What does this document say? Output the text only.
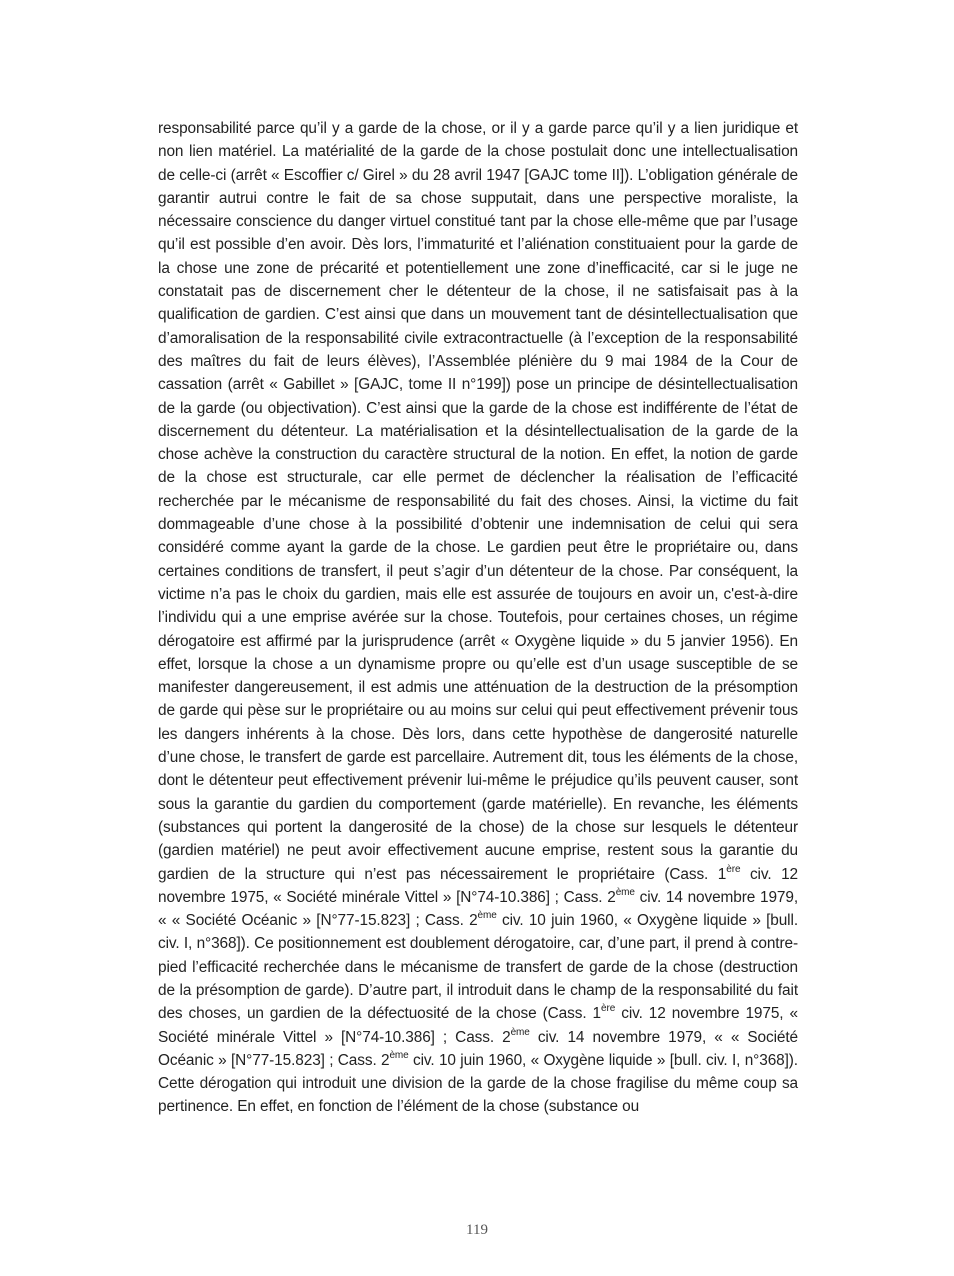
responsabilité parce qu’il y a garde de la chose, or il y a garde parce qu’il y a lien juridique et non lien matériel. La matérialité de la garde de la chose postulait donc une intellectualisation de celle-ci (arrêt « Escoffier c/ Girel » du 28 avril 1947 [GAJC tome II]). L’obligation générale de garantir autrui contre le fait de sa chose supputait, dans une perspective moraliste, la nécessaire conscience du danger virtuel constitué tant par la chose elle-même que par l’usage qu’il est possible d’en avoir. Dès lors, l’immaturité et l’aliénation constituaient pour la garde de la chose une zone de précarité et potentiellement une zone d’inefficacité, car si le juge ne constatait pas de discernement cher le détenteur de la chose, il ne satisfaisait pas à la qualification de gardien. C’est ainsi que dans un mouvement tant de désintellectualisation que d’amoralisation de la responsabilité civile extracontractuelle (à l’exception de la responsabilité des maîtres du fait de leurs élèves), l’Assemblée plénière du 9 mai 1984 de la Cour de cassation (arrêt « Gabillet » [GAJC, tome II n°199]) pose un principe de désintellectualisation de la garde (ou objectivation). C’est ainsi que la garde de la chose est indifférente de l’état de discernement du détenteur. La matérialisation et la désintellectualisation de la garde de la chose achève la construction du caractère structural de la notion. En effet, la notion de garde de la chose est structurale, car elle permet de déclencher la réalisation de l’efficacité recherchée par le mécanisme de responsabilité du fait des choses. Ainsi, la victime du fait dommageable d’une chose à la possibilité d’obtenir une indemnisation de celui qui sera considéré comme ayant la garde de la chose. Le gardien peut être le propriétaire ou, dans certaines conditions de transfert, il peut s’agir d’un détenteur de la chose. Par conséquent, la victime n’a pas le choix du gardien, mais elle est assurée de toujours en avoir un, c'est-à-dire l’individu qui a une emprise avérée sur la chose. Toutefois, pour certaines choses, un régime dérogatoire est affirmé par la jurisprudence (arrêt « Oxygène liquide » du 5 janvier 1956). En effet, lorsque la chose a un dynamisme propre ou qu’elle est d’un usage susceptible de se manifester dangereusement, il est admis une atténuation de la destruction de la présomption de garde qui pèse sur le propriétaire ou au moins sur celui qui peut effectivement prévenir tous les dangers inhérents à la chose. Dès lors, dans cette hypothèse de dangerosité naturelle d’une chose, le transfert de garde est parcellaire. Autrement dit, tous les éléments de la chose, dont le détenteur peut effectivement prévenir lui-même le préjudice qu’ils peuvent causer, sont sous la garantie du gardien du comportement (garde matérielle). En revanche, les éléments (substances qui portent la dangerosité de la chose) de la chose sur lesquels le détenteur (gardien matériel) ne peut avoir effectivement aucune emprise, restent sous la garantie du gardien de la structure qui n’est pas nécessairement le propriétaire (Cass. 1ère civ. 12 novembre 1975, « Société minérale Vittel » [N°74-10.386] ; Cass. 2ème civ. 14 novembre 1979, « « Société Océanic » [N°77-15.823] ; Cass. 2ème civ. 10 juin 1960, « Oxygène liquide » [bull. civ. I, n°368]). Ce positionnement est doublement dérogatoire, car, d’une part, il prend à contre-pied l’efficacité recherchée dans le mécanisme de transfert de garde de la chose (destruction de la présomption de garde). D’autre part, il introduit dans le champ de la responsabilité du fait des choses, un gardien de la défectuosité de la chose (Cass. 1ère civ. 12 novembre 1975, « Société minérale Vittel » [N°74-10.386] ; Cass. 2ème civ. 14 novembre 1979, « « Société Océanic » [N°77-15.823] ; Cass. 2ème civ. 10 juin 1960, « Oxygène liquide » [bull. civ. I, n°368]). Cette dérogation qui introduit une division de la garde de la chose fragilise du même coup sa pertinence. En effet, en fonction de l’élément de la chose (substance ou
119
